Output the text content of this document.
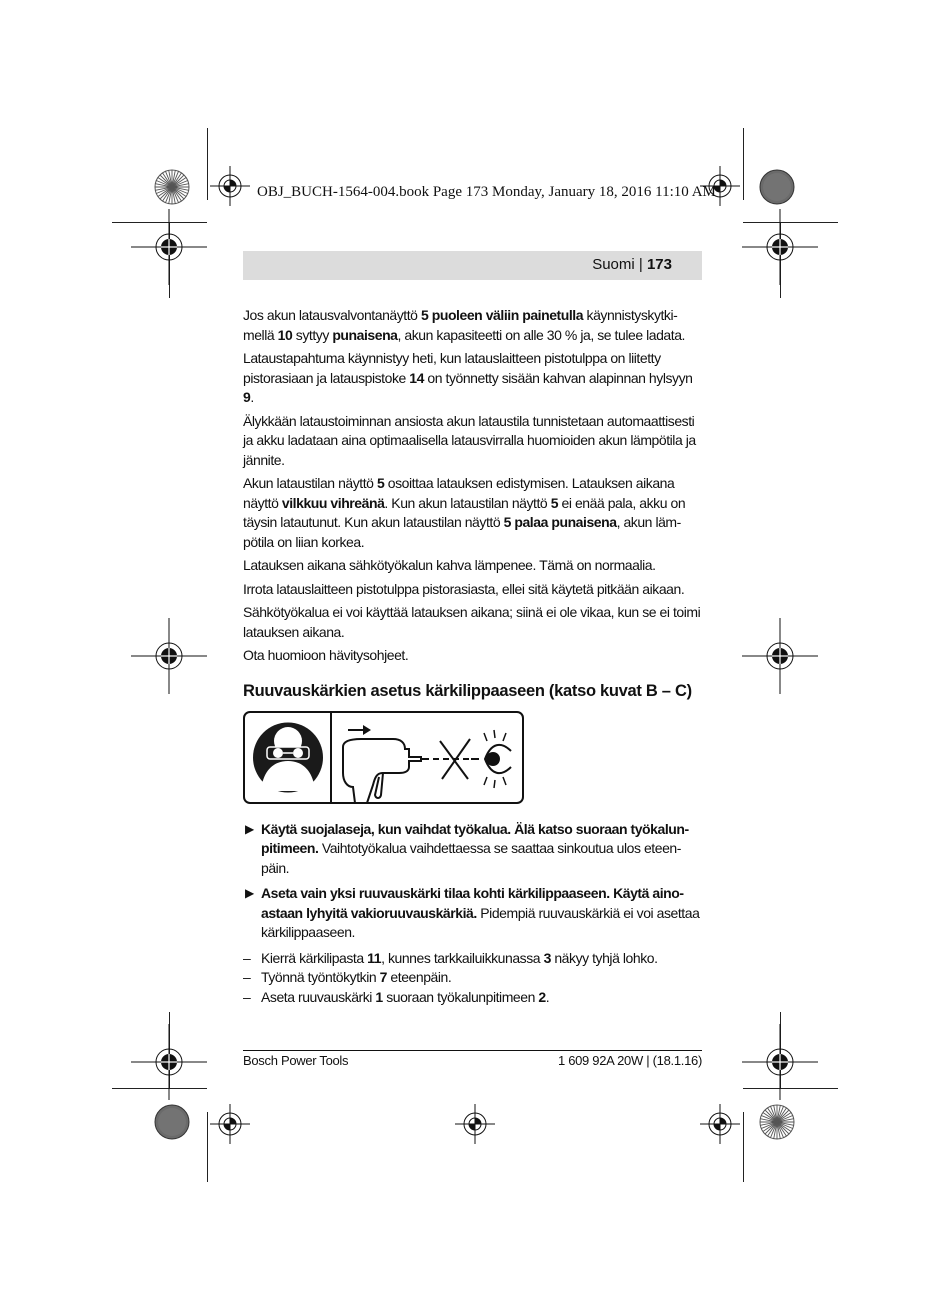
OBJ_BUCH-1564-004.book Page 173 Monday, January 18, 2016 11:10 AM
Suomi | 173

Jos akun latausvalvontanäyttö 5 puoleen väliin painetulla käynnistyskytkimellä 10 syttyy punaisena, akun kapasiteetti on alle 30 % ja, se tulee ladata.

Lataustapahtuma käynnistyy heti, kun latauslaitteen pistotulppa on liitetty pistorasiaan ja latauspistoke 14 on työnnetty sisään kahvan alapinnan hylsyyn 9.

Älykkään lataustoiminnan ansiosta akun lataustila tunnistetaan automaattisesti ja akku ladataan aina optimaalisella latausvirralla huomioiden akun lämpötila ja jännite.

Akun lataustilan näyttö 5 osoittaa latauksen edistymisen. Latauksen aikana näyttö vilkkuu vihreänä. Kun akun lataustilan näyttö 5 ei enää pala, akku on täysin latautunut. Kun akun lataustilan näyttö 5 palaa punaisena, akun lämpötila on liian korkea.

Latauksen aikana sähkötyökalun kahva lämpenee. Tämä on normaalia.

Irrota latauslaitteen pistotulppa pistorasiasta, ellei sitä käytetä pitkään aikaan.

Sähkötyökalua ei voi käyttää latauksen aikana; siinä ei ole vikaa, kun se ei toimi latauksen aikana.

Ota huomioon hävitysohjeet.

Ruuvauskärkien asetus kärkilippaaseen (katso kuvat B – C)
▶ Käytä suojalaseja, kun vaihdat työkalua. Älä katso suoraan työkalunpitimeen. Vaihtotyökalua vaihdettaessa se saattaa sinkoutua ulos eteenpäin.
▶ Aseta vain yksi ruuvauskärki tilaa kohti kärkilippaaseen. Käytä ainoastaan lyhyitä vakioruuvauskärkiä. Pidempiä ruuvauskärkiä ei voi asettaa kärkilippaaseen.
– Kierrä kärkilipasta 11, kunnes tarkkailuikkunassa 3 näkyy tyhjä lohko.
– Työnnä työntökytkin 7 eteenpäin.
– Aseta ruuvauskärki 1 suoraan työkalunpitimeen 2.
Bosch Power Tools	1 609 92A 20W | (18.1.16)
